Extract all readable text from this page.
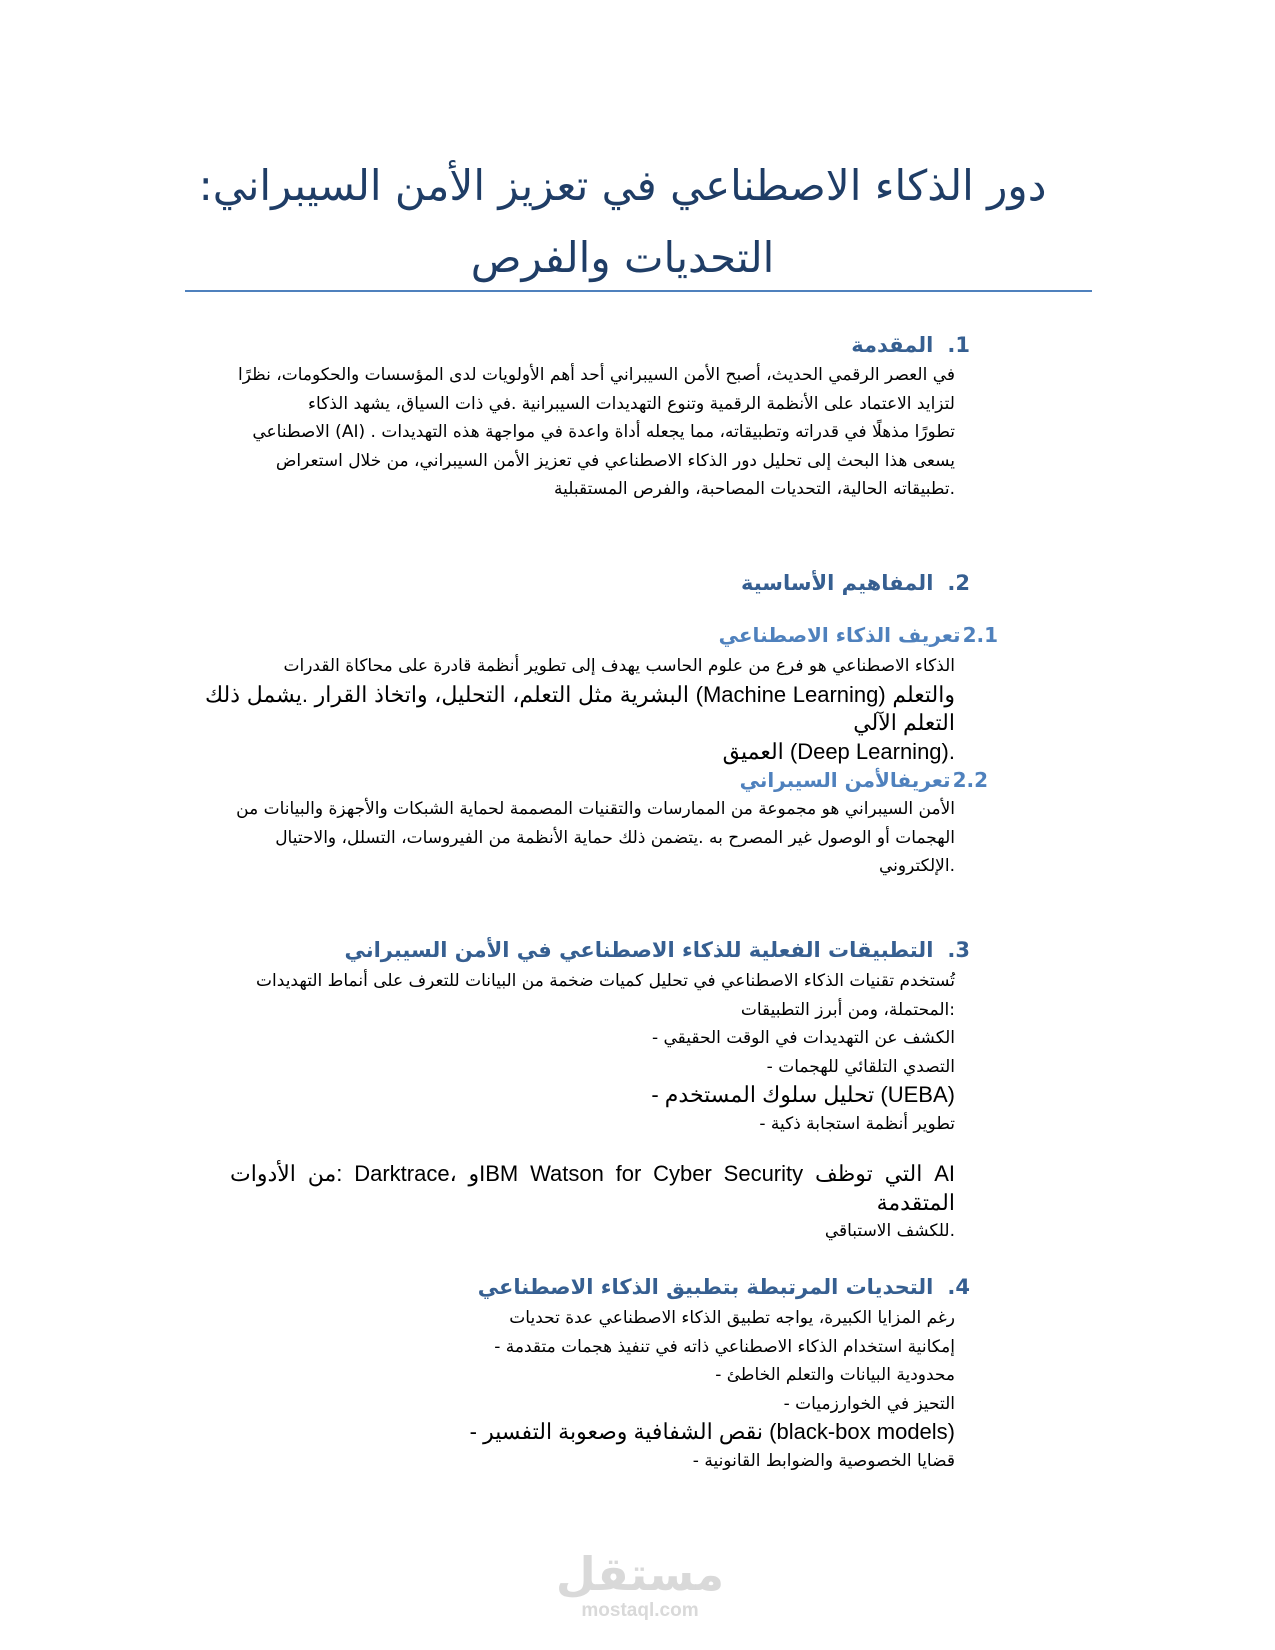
دور الذكاء الاصطناعي في تعزيز الأمن السيبراني:
التحديات والفرص
1.المقدمة
في العصر الرقمي الحديث، أصبح الأمن السيبراني أحد أهم الأولويات لدى المؤسسات والحكومات، نظرًا
لتزايد الاعتماد على الأنظمة الرقمية وتنوع التهديدات السيبرانية .في ذات السياق، يشهد الذكاء
تطورًا مذهلًا في قدراته وتطبيقاته، مما يجعله أداة واعدة في مواجهة هذه التهديدات . (AI) الاصطناعي
يسعى هذا البحث إلى تحليل دور الذكاء الاصطناعي في تعزيز الأمن السيبراني، من خلال استعراض
.تطبيقاته الحالية، التحديات المصاحبة، والفرص المستقبلية
2.المفاهيم الأساسية
2.1تعريف الذكاء الاصطناعي
الذكاء الاصطناعي هو فرع من علوم الحاسب يهدف إلى تطوير أنظمة قادرة على محاكاة القدرات
والتعلم (Machine Learning) البشرية مثل التعلم، التحليل، واتخاذ القرار .يشمل ذلك التعلم الآلي
.(Deep Learning) العميق
2.2تعريفالأمن السيبراني
الأمن السيبراني هو مجموعة من الممارسات والتقنيات المصممة لحماية الشبكات والأجهزة والبيانات من
الهجمات أو الوصول غير المصرح به .يتضمن ذلك حماية الأنظمة من الفيروسات، التسلل، والاحتيال
.الإلكتروني
3.التطبيقات الفعلية للذكاء الاصطناعي في الأمن السيبراني
تُستخدم تقنيات الذكاء الاصطناعي في تحليل كميات ضخمة من البيانات للتعرف على أنماط التهديدات
:المحتملة، ومن أبرز التطبيقات
الكشف عن التهديدات في الوقت الحقيقي -
التصدي التلقائي للهجمات -
(UEBA) تحليل سلوك المستخدم -
تطوير أنظمة استجابة ذكية -
AI التي توظف IBM Watson for Cyber Securityو ،Darktrace :من الأدوات المتقدمة
.للكشف الاستباقي
4.التحديات المرتبطة بتطبيق الذكاء الاصطناعي
رغم المزايا الكبيرة، يواجه تطبيق الذكاء الاصطناعي عدة تحديات
إمكانية استخدام الذكاء الاصطناعي ذاته في تنفيذ هجمات متقدمة -
محدودية البيانات والتعلم الخاطئ -
التحيز في الخوارزميات -
(black-box models) نقص الشفافية وصعوبة التفسير -
قضايا الخصوصية والضوابط القانونية -
مستقل
mostaql.com
